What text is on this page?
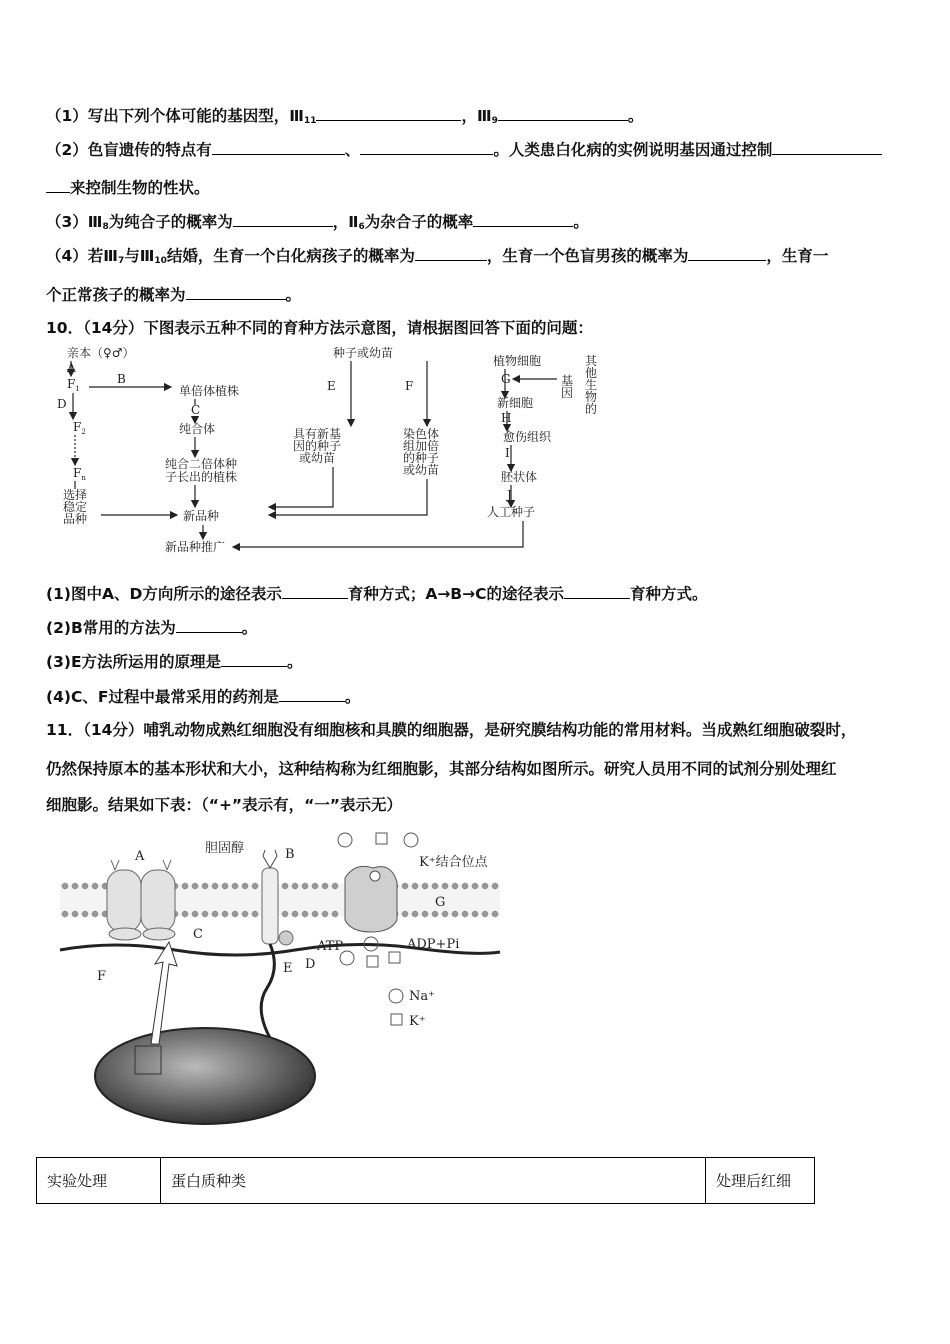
（1）写出下列个体可能的基因型，$Ⅲ_{11}$	，$Ⅲ_9$	。
（2）色盲遗传的特点有	、	。人类患白化病的实例说明基因通过控制
来控制生物的性状。
$(3)Ⅲ_8$为纯合子的概率为	，$Ⅱ_6$为杂合子的概率	。
（4）若$Ⅲ_7$与$Ⅲ_{10}$结婚，生育一个白化病孩子的概率为	，生育一个色盲男孩的概率为	，生育一
个正常孩子的概率为	。
10．（14分）下图表示五种不同的育种方法示意图，请根据图回答下面的问题：
亲本（♀♂）
A
$F_1$
B
D
$F_2$
$F_n$
选择
稳定
品种
单倍体植株
C
纯合体
纯合二倍体种
子长出的植株
新品种
新品种推广
种子或幼苗
E	F
具有新基
因的种子
或幼苗
染色体
组加倍
的种子
或幼苗
植物细胞
G	基
因
其
他
生
物
的
新细胞
H
愈伤组织
I
胚状体
J
人工种子
(1)图中A、D方向所示的途径表示	育种方式；A→B→C的途径表示	育种方式。
(2)B常用的方法为	。
(3)E方法所运用的原理是	。
(4)C、F过程中最常采用的药剂是	。
11．（14分）哺乳动物成熟红细胞没有细胞核和具膜的细胞器，是研究膜结构功能的常用材料。当成熟红细胞破裂时，
仍然保持原本的基本形状和大小，这种结构称为红细胞影，其部分结构如图所示。研究人员用不同的试剂分别处理红
细胞影。结果如下表：（“+”表示有，“一”表示无）
A
胆固醇	B
C
D
E
F
G
K⁺结合位点
ATP	ADP+Pi
Na⁺
K⁺
实验处理	蛋白质种类	处理后红细
